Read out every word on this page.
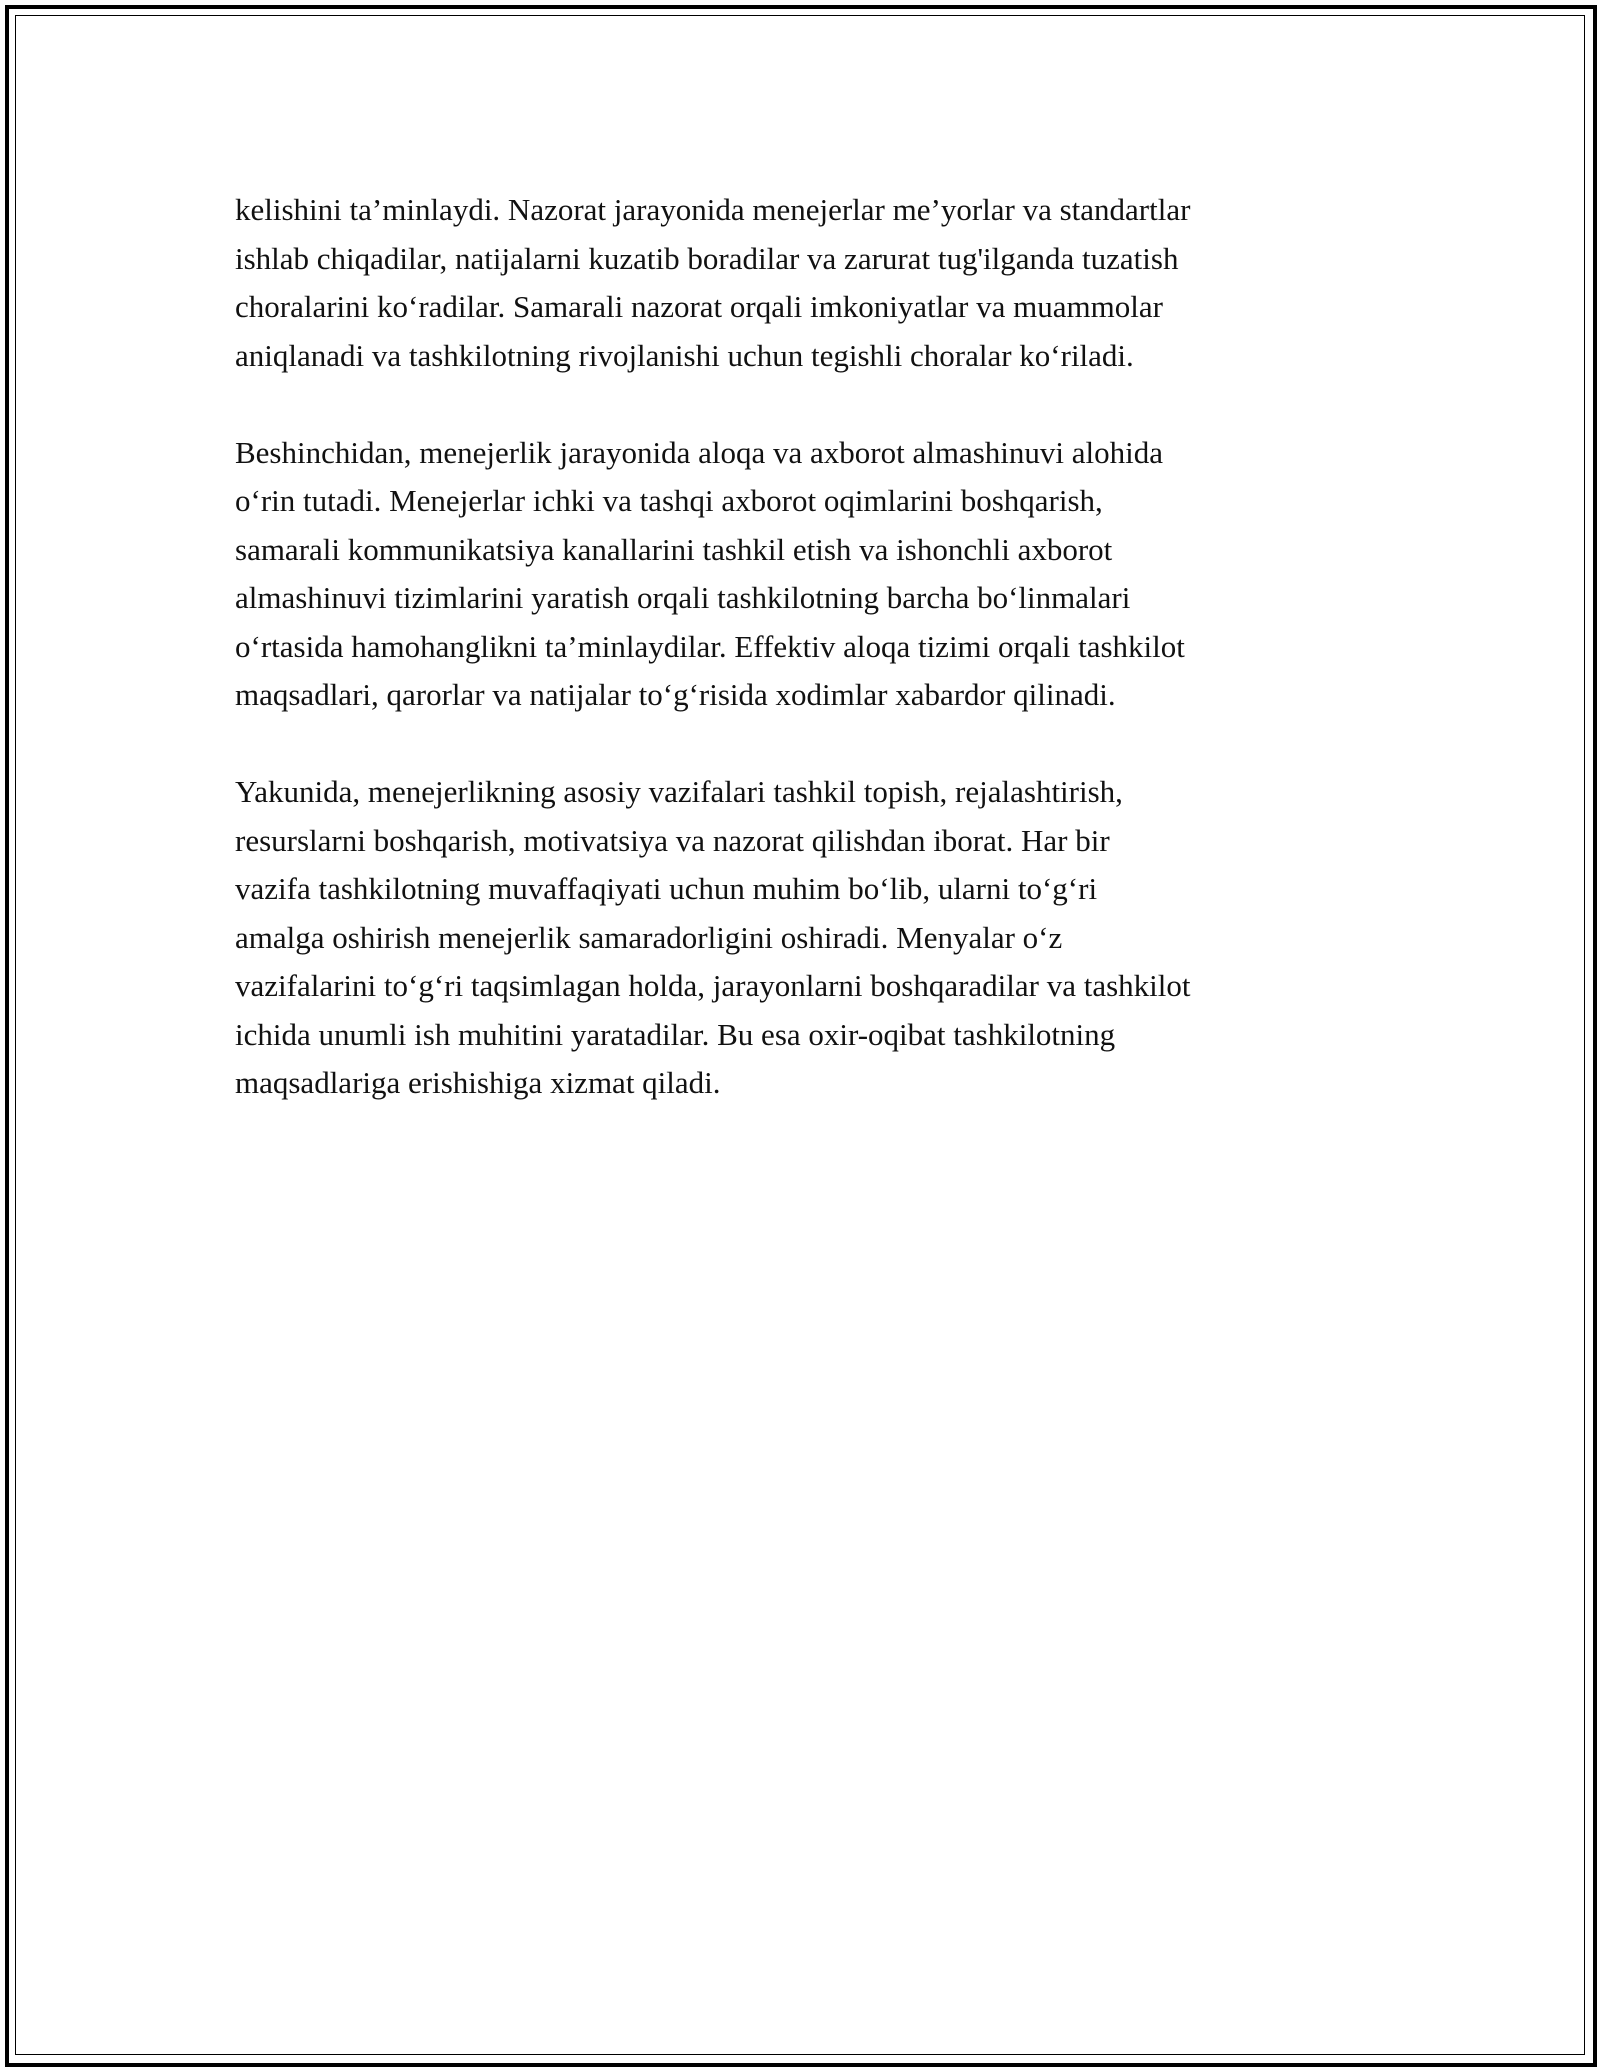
kelishini ta’minlaydi. Nazorat jarayonida menejerlar me’yorlar va standartlar
ishlab chiqadilar, natijalarni kuzatib boradilar va zarurat tug'ilganda tuzatish
choralarini ko‘radilar. Samarali nazorat orqali imkoniyatlar va muammolar
aniqlanadi va tashkilotning rivojlanishi uchun tegishli choralar ko‘riladi.

Beshinchidan, menejerlik jarayonida aloqa va axborot almashinuvi alohida
o‘rin tutadi. Menejerlar ichki va tashqi axborot oqimlarini boshqarish,
samarali kommunikatsiya kanallarini tashkil etish va ishonchli axborot
almashinuvi tizimlarini yaratish orqali tashkilotning barcha bo‘linmalari
o‘rtasida hamohanglikni ta’minlaydilar. Effektiv aloqa tizimi orqali tashkilot
maqsadlari, qarorlar va natijalar to‘g‘risida xodimlar xabardor qilinadi.

Yakunida, menejerlikning asosiy vazifalari tashkil topish, rejalashtirish,
resurslarni boshqarish, motivatsiya va nazorat qilishdan iborat. Har bir
vazifa tashkilotning muvaffaqiyati uchun muhim bo‘lib, ularni to‘g‘ri
amalga oshirish menejerlik samaradorligini oshiradi. Menyalar o‘z
vazifalarini to‘g‘ri taqsimlagan holda, jarayonlarni boshqaradilar va tashkilot
ichida unumli ish muhitini yaratadilar. Bu esa oxir-oqibat tashkilotning
maqsadlariga erishishiga xizmat qiladi.
